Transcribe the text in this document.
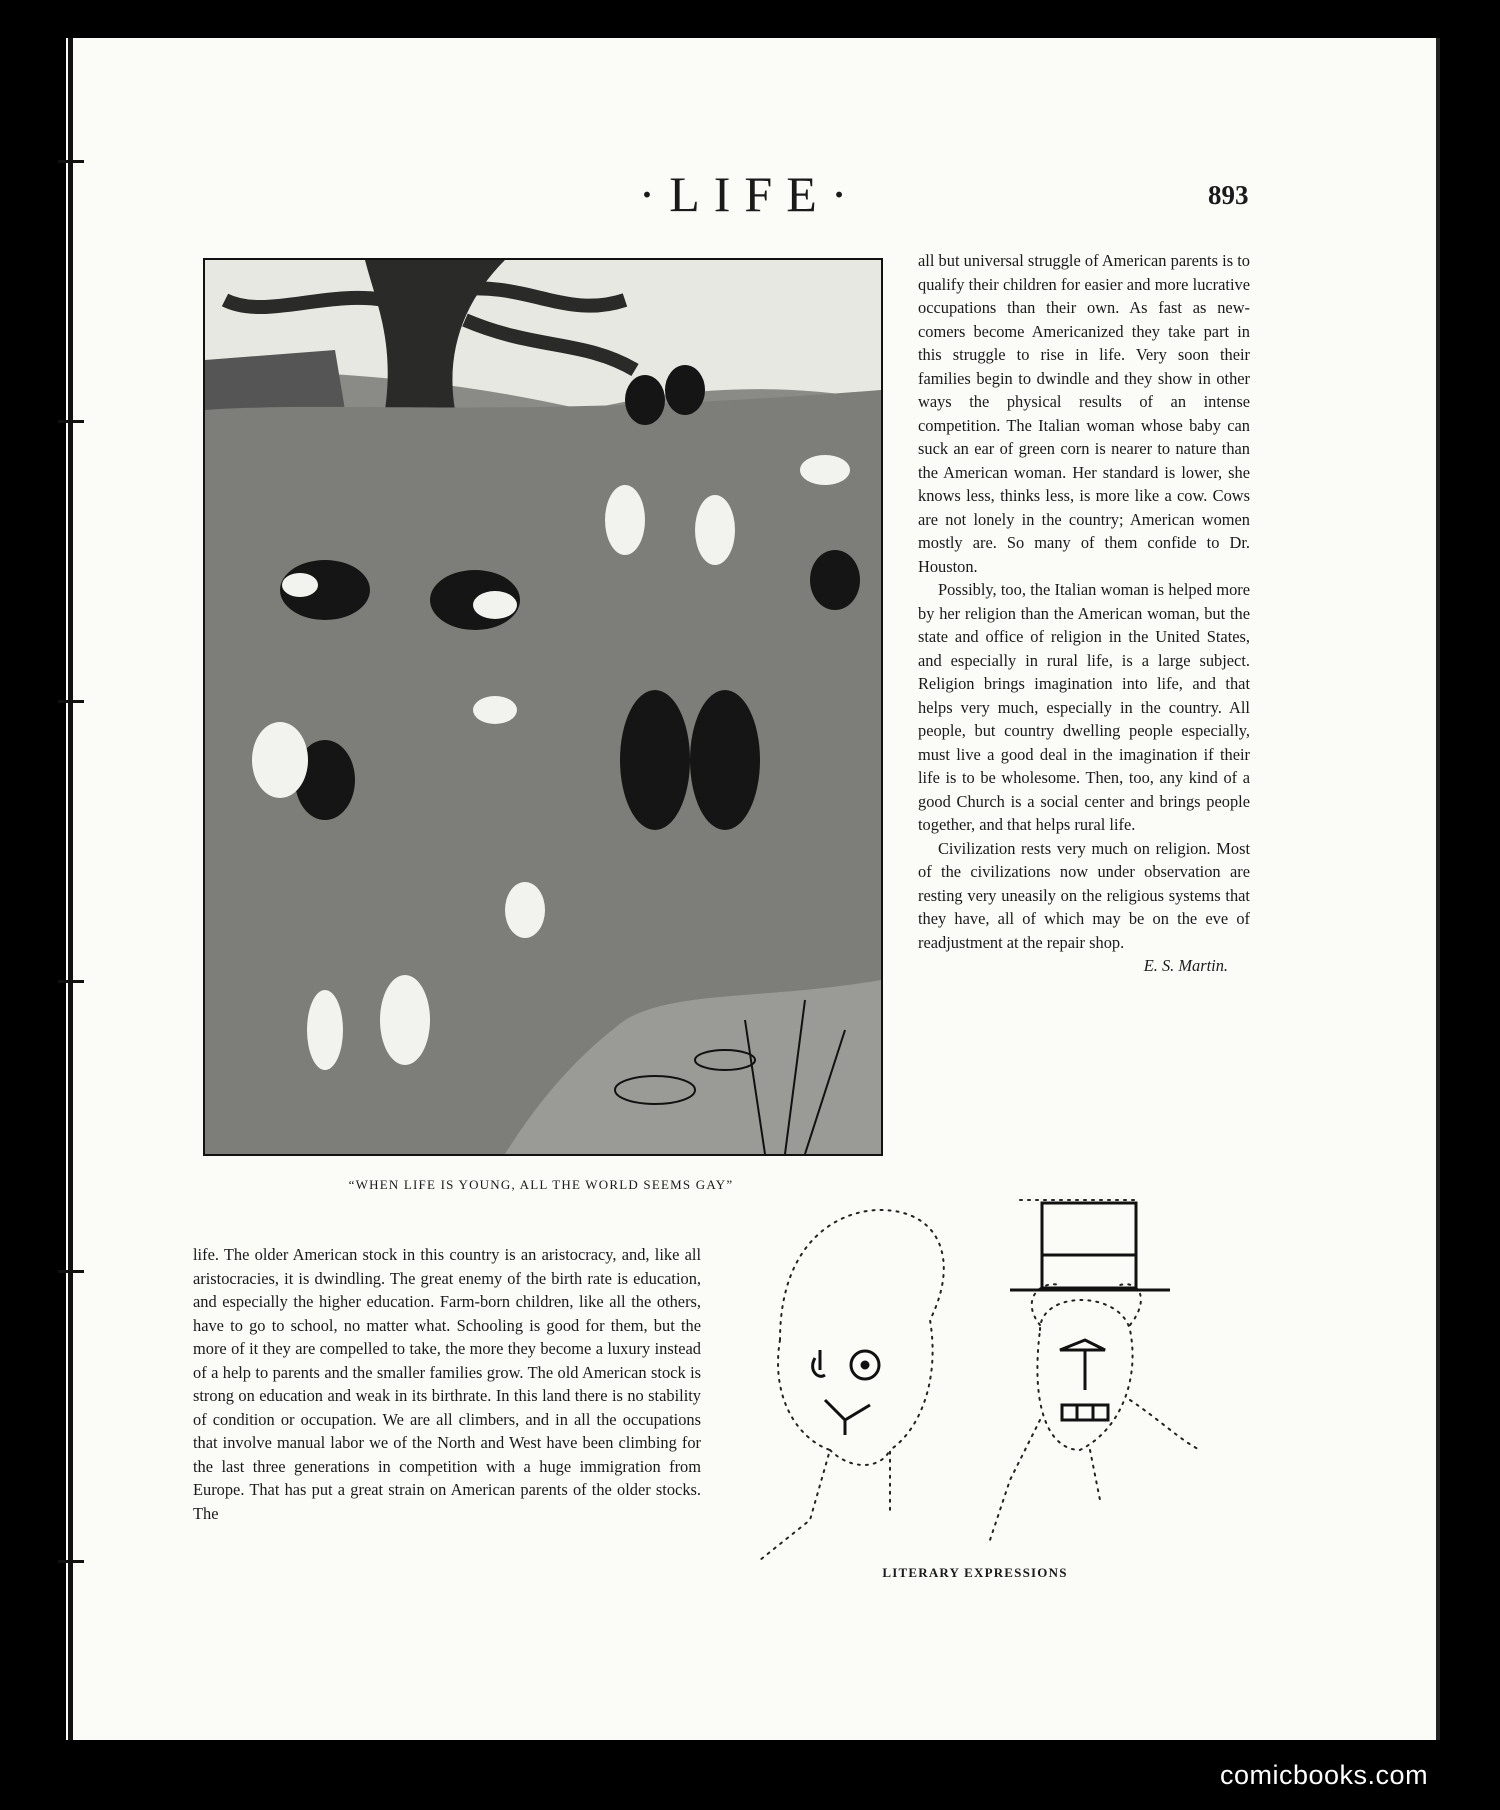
·LIFE·	893
“WHEN LIFE IS YOUNG, ALL THE WORLD SEEMS GAY”

all but universal struggle of American parents is to qualify their children for easier and more lucrative occupations than their own. As fast as new-comers become Americanized they take part in this struggle to rise in life. Very soon their families begin to dwindle and they show in other ways the physical results of an intense competition. The Italian woman whose baby can suck an ear of green corn is nearer to nature than the American woman. Her standard is lower, she knows less, thinks less, is more like a cow. Cows are not lonely in the country; American women mostly are. So many of them confide to Dr. Houston.

Possibly, too, the Italian woman is helped more by her religion than the American woman, but the state and office of religion in the United States, and especially in rural life, is a large subject. Religion brings imagination into life, and that helps very much, especially in the country. All people, but country dwelling people especially, must live a good deal in the imagination if their life is to be wholesome. Then, too, any kind of a good Church is a social center and brings people together, and that helps rural life.

Civilization rests very much on religion. Most of the civilizations now under observation are resting very uneasily on the religious systems that they have, all of which may be on the eve of readjustment at the repair shop.

E. S. Martin.

life. The older American stock in this country is an aristocracy, and, like all aristocracies, it is dwindling. The great enemy of the birth rate is education, and especially the higher education. Farm-born children, like all the others, have to go to school, no matter what. Schooling is good for them, but the more of it they are compelled to take, the more they become a luxury instead of a help to parents and the smaller families grow. The old American stock is strong on education and weak in its birthrate. In this land there is no stability of condition or occupation. We are all climbers, and in all the occupations that involve manual labor we of the North and West have been climbing for the last three generations in competition with a huge immigration from Europe. That has put a great strain on American parents of the older stocks. The

LITERARY EXPRESSIONS
comicbooks.com
